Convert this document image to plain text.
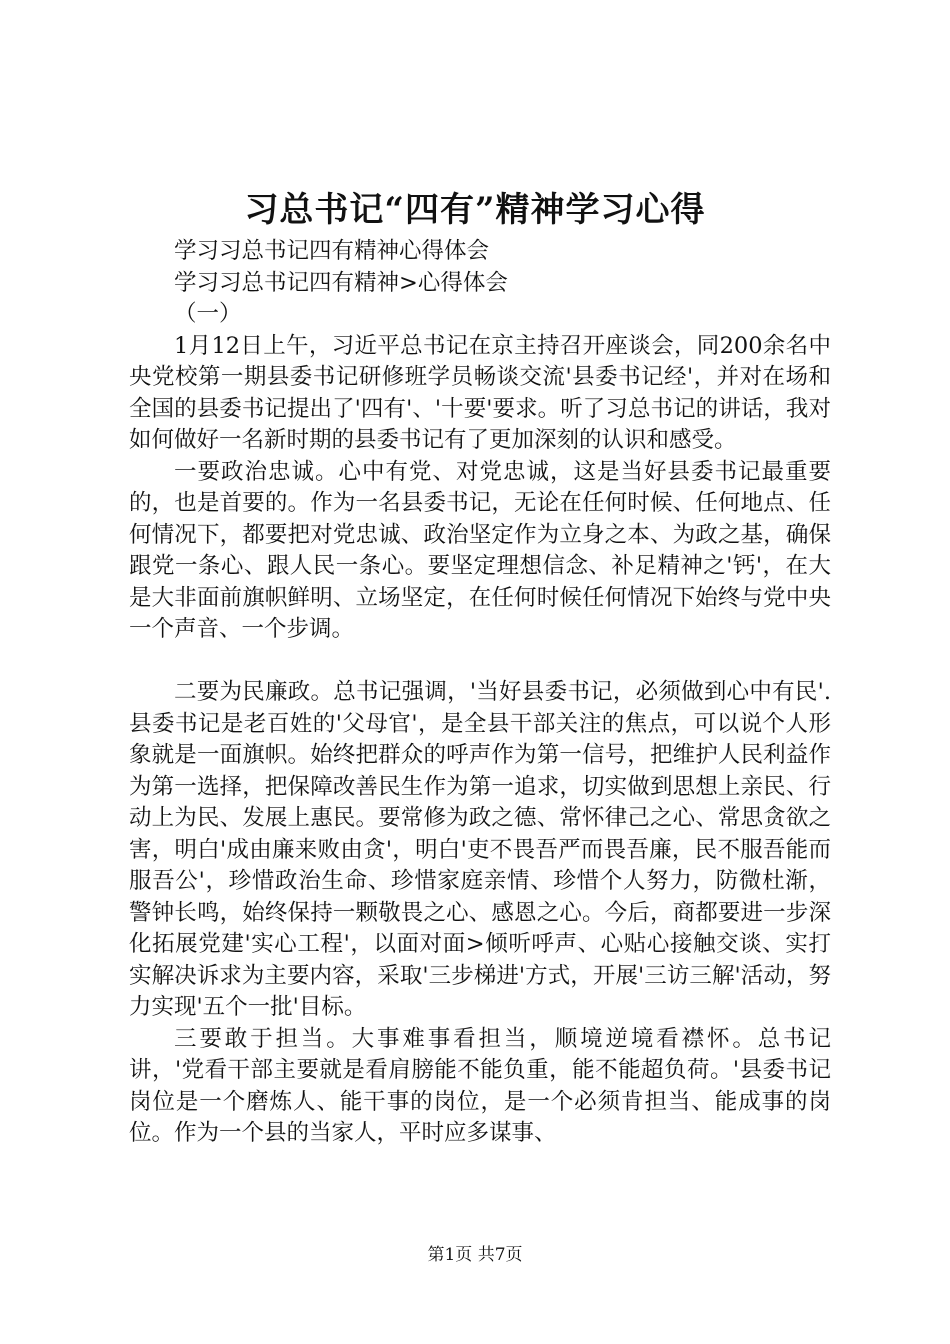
习总书记“四有”精神学习心得

学习习总书记四有精神心得体会

学习习总书记四有精神>心得体会

（一）

1月12日上午，习近平总书记在京主持召开座谈会，同200余名中央党校第一期县委书记研修班学员畅谈交流'县委书记经'，并对在场和全国的县委书记提出了'四有'、'十要'要求。听了习总书记的讲话，我对如何做好一名新时期的县委书记有了更加深刻的认识和感受。

一要政治忠诚。心中有党、对党忠诚，这是当好县委书记最重要的，也是首要的。作为一名县委书记，无论在任何时候、任何地点、任何情况下，都要把对党忠诚、政治坚定作为立身之本、为政之基，确保跟党一条心、跟人民一条心。要坚定理想信念、补足精神之'钙'，在大是大非面前旗帜鲜明、立场坚定，在任何时候任何情况下始终与党中央一个声音、一个步调。

二要为民廉政。总书记强调，'当好县委书记，必须做到心中有民'.县委书记是老百姓的'父母官'，是全县干部关注的焦点，可以说个人形象就是一面旗帜。始终把群众的呼声作为第一信号，把维护人民利益作为第一选择，把保障改善民生作为第一追求，切实做到思想上亲民、行动上为民、发展上惠民。要常修为政之德、常怀律己之心、常思贪欲之害，明白'成由廉来败由贪'，明白'吏不畏吾严而畏吾廉，民不服吾能而服吾公'，珍惜政治生命、珍惜家庭亲情、珍惜个人努力，防微杜渐，警钟长鸣，始终保持一颗敬畏之心、感恩之心。今后，商都要进一步深化拓展党建'实心工程'，以面对面>倾听呼声、心贴心接触交谈、实打实解决诉求为主要内容，采取'三步梯进'方式，开展'三访三解'活动，努力实现'五个一批'目标。

三要敢于担当。大事难事看担当，顺境逆境看襟怀。总书记讲，'党看干部主要就是看肩膀能不能负重，能不能超负荷。'县委书记岗位是一个磨炼人、能干事的岗位，是一个必须肯担当、能成事的岗位。作为一个县的当家人，平时应多谋事、

第1页 共7页
